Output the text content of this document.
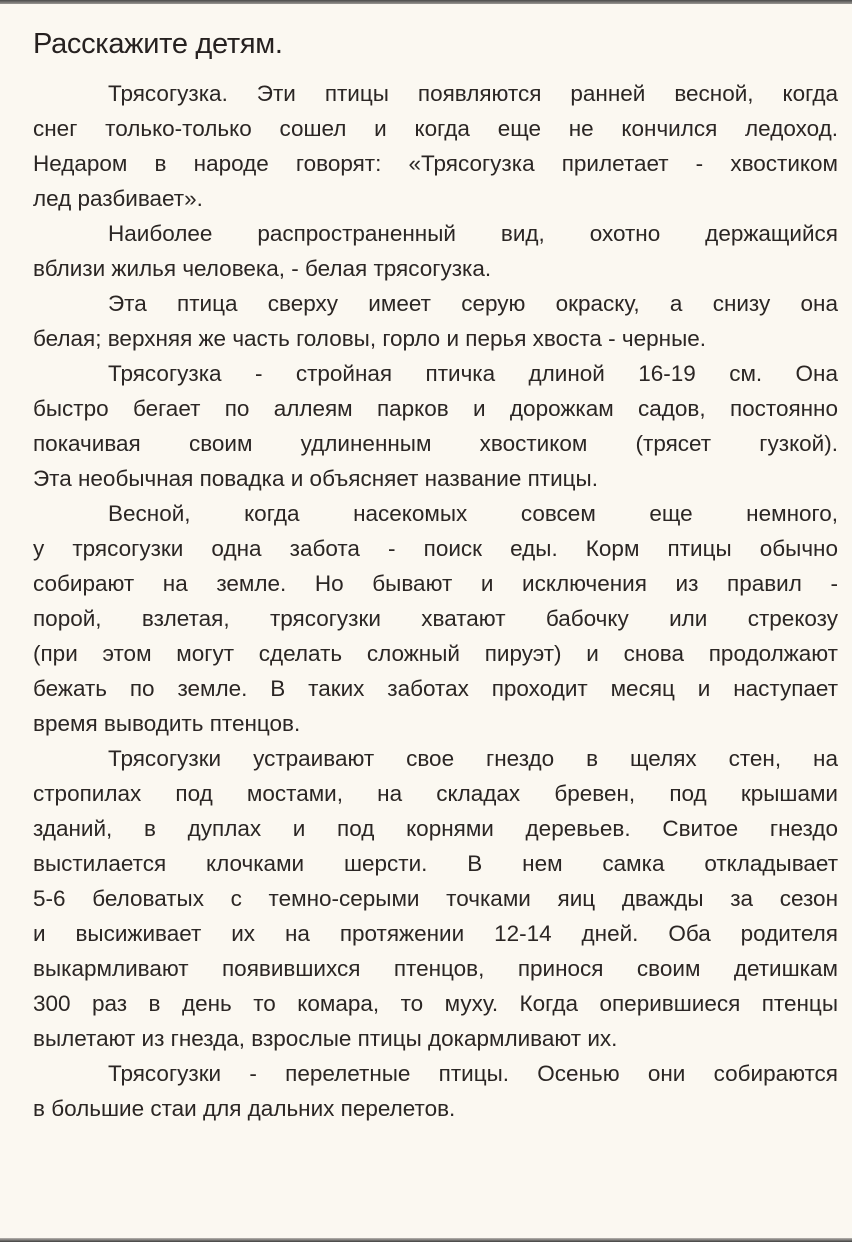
Расскажите детям.
Трясогузка. Эти птицы появляются ранней весной, когда
снег только-только сошел и когда еще не кончился ледоход.
Недаром в народе говорят: «Трясогузка прилетает - хвостиком
лед разбивает».
Наиболее распространенный вид, охотно держащийся
вблизи жилья человека, - белая трясогузка.
Эта птица сверху имеет серую окраску, а снизу она
белая; верхняя же часть головы, горло и перья хвоста - черные.
Трясогузка - стройная птичка длиной 16-19 см. Она
быстро бегает по аллеям парков и дорожкам садов, постоянно
покачивая своим удлиненным хвостиком (трясет гузкой).
Эта необычная повадка и объясняет название птицы.
Весной, когда насекомых совсем еще немного,
у трясогузки одна забота - поиск еды. Корм птицы обычно
собирают на земле. Но бывают и исключения из правил -
порой, взлетая, трясогузки хватают бабочку или стрекозу
(при этом могут сделать сложный пируэт) и снова продолжают
бежать по земле. В таких заботах проходит месяц и наступает
время выводить птенцов.
Трясогузки устраивают свое гнездо в щелях стен, на
стропилах под мостами, на складах бревен, под крышами
зданий, в дуплах и под корнями деревьев. Свитое гнездо
выстилается клочками шерсти. В нем самка откладывает
5-6 беловатых с темно-серыми точками яиц дважды за сезон
и высиживает их на протяжении 12-14 дней. Оба родителя
выкармливают появившихся птенцов, принося своим детишкам
300 раз в день то комара, то муху. Когда оперившиеся птенцы
вылетают из гнезда, взрослые птицы докармливают их.
Трясогузки - перелетные птицы. Осенью они собираются
в большие стаи для дальних перелетов.
